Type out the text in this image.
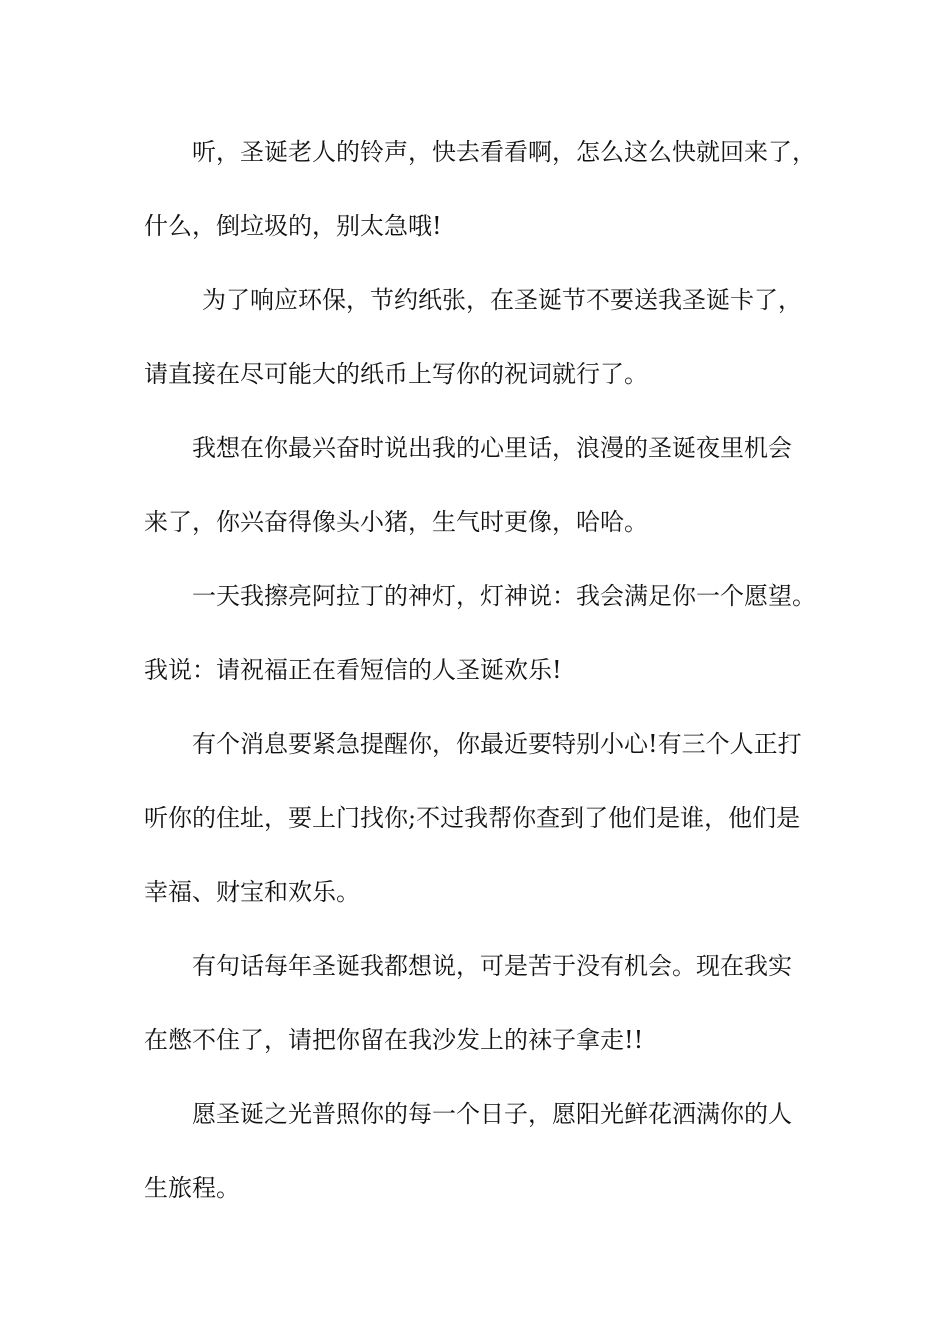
听，圣诞老人的铃声，快去看看啊，怎么这么快就回来了，
什么，倒垃圾的，别太急哦!
为了响应环保，节约纸张，在圣诞节不要送我圣诞卡了，
请直接在尽可能大的纸币上写你的祝词就行了。
我想在你最兴奋时说出我的心里话，浪漫的圣诞夜里机会
来了，你兴奋得像头小猪，生气时更像，哈哈。
一天我擦亮阿拉丁的神灯，灯神说：我会满足你一个愿望。
我说：请祝福正在看短信的人圣诞欢乐!
有个消息要紧急提醒你，你最近要特别小心!有三个人正打
听你的住址，要上门找你;不过我帮你查到了他们是谁，他们是
幸福、财宝和欢乐。
有句话每年圣诞我都想说，可是苦于没有机会。现在我实
在憋不住了，请把你留在我沙发上的袜子拿走!!
愿圣诞之光普照你的每一个日子，愿阳光鲜花洒满你的人
生旅程。
